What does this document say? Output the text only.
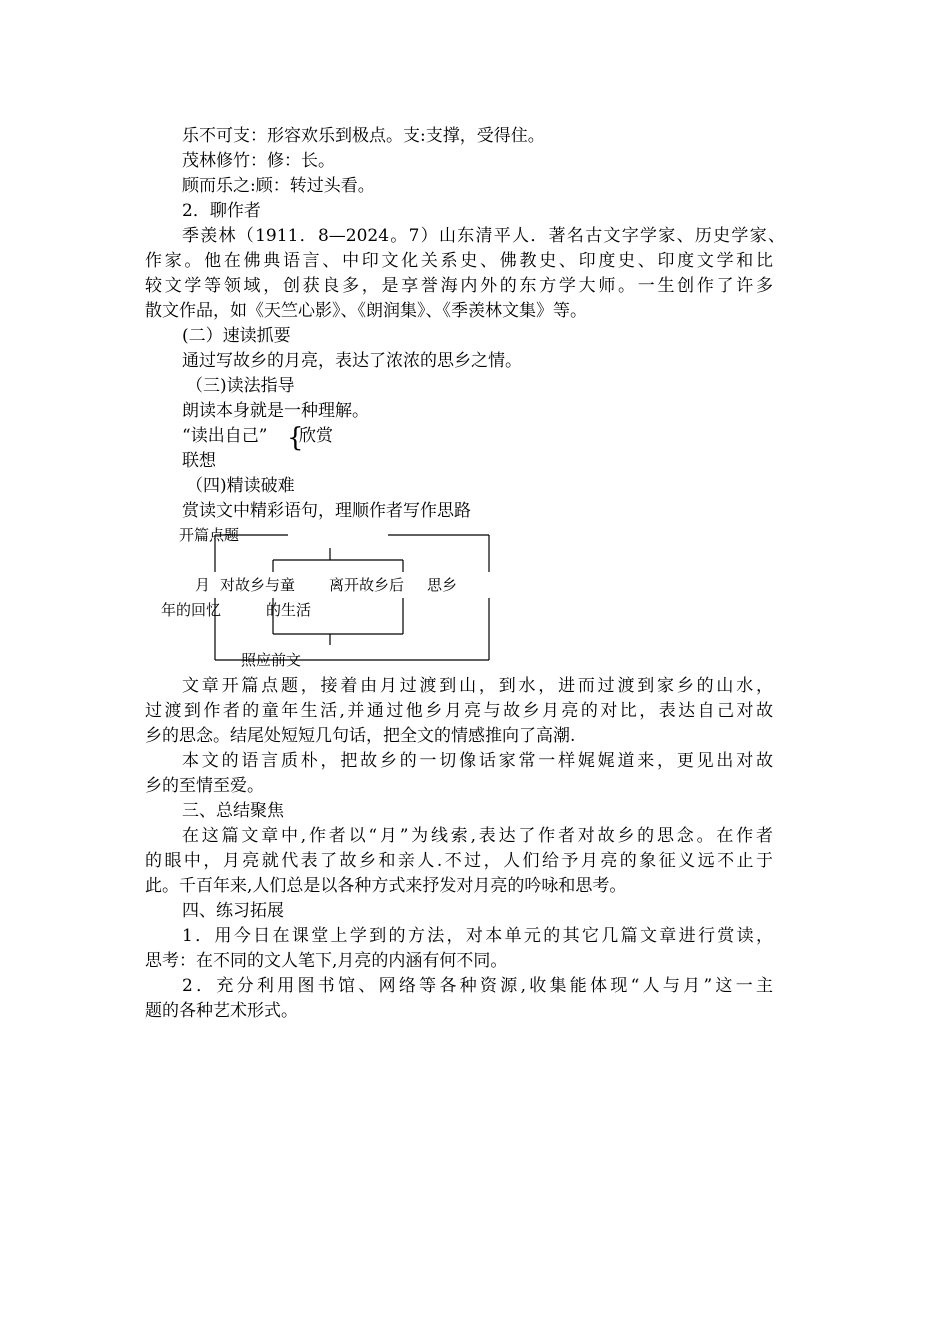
乐不可支：形容欢乐到极点。支:支撑，受得住。
茂林修竹：修：长。
顾而乐之:顾：转过头看。
2．聊作者
季羡林（1911．8—2024。7）山东清平人．著名古文字学家、历史学家、
作家。他在佛典语言、中印文化关系史、佛教史、印度史、印度文学和比
较文学等领域，创获良多，是享誉海内外的东方学大师。一生创作了许多
散文作品，如《天竺心影》、《朗润集》、《季羡林文集》等。
(二）速读抓要
通过写故乡的月亮，表达了浓浓的思乡之情。
（三)读法指导
朗读本身就是一种理解。
“读出自己” {
欣赏
联想
（四)精读破难
赏读文中精彩语句，理顺作者写作思路
开篇点题
月 对故乡与童
年的回忆	的生活
离开故乡后 思乡
照应前文
文章开篇点题，接着由月过渡到山，到水，进而过渡到家乡的山水，
过渡到作者的童年生活,并通过他乡月亮与故乡月亮的对比，表达自己对故
乡的思念。结尾处短短几句话，把全文的情感推向了高潮.
本文的语言质朴，把故乡的一切像话家常一样娓娓道来，更见出对故
乡的至情至爱。
三、总结聚焦
在这篇文章中,作者以“月”为线索,表达了作者对故乡的思念。在作者
的眼中，月亮就代表了故乡和亲人.不过，人们给予月亮的象征义远不止于
此。千百年来,人们总是以各种方式来抒发对月亮的吟咏和思考。
四、练习拓展
1．用今日在课堂上学到的方法，对本单元的其它几篇文章进行赏读，
思考：在不同的文人笔下,月亮的内涵有何不同。
2．充分利用图书馆、网络等各种资源,收集能体现“人与月”这一主
题的各种艺术形式。
